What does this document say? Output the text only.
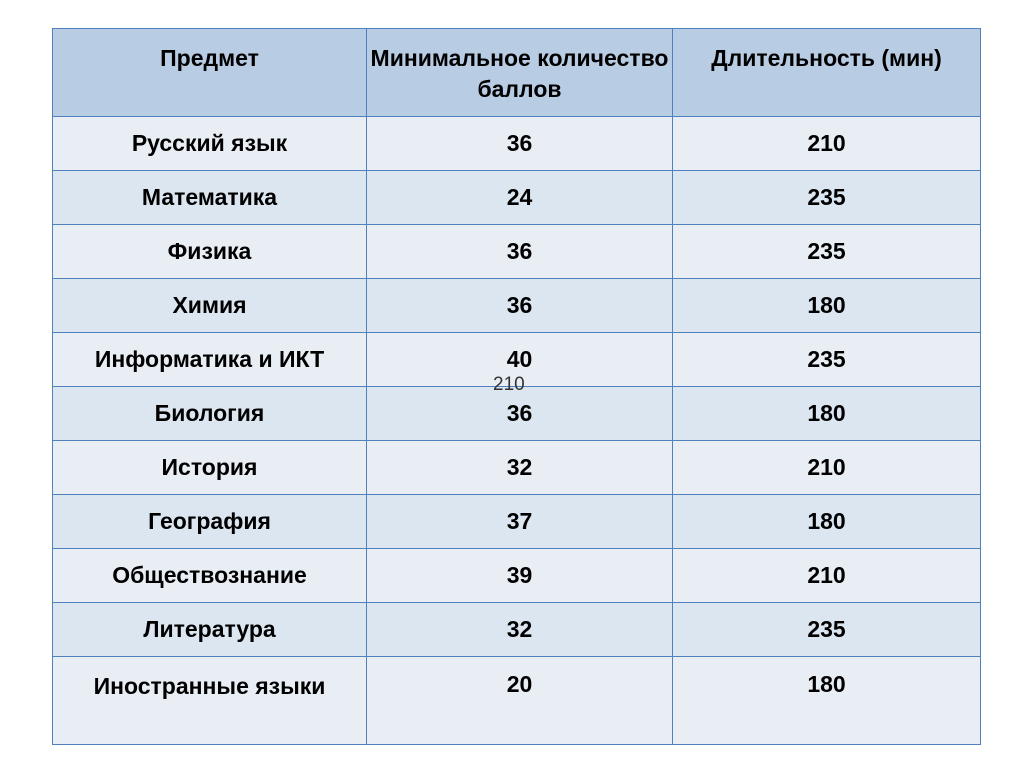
Предмет	Минимальное количество баллов	Длительность (мин)
Русский язык	36	210
Математика	24	235
Физика	36	235
Химия	36	180
Информатика и ИКТ	40	235
Биология	36	180
История	32	210
География	37	180
Обществознание	39	210
Литература	32	235
Иностранные языки	20	180
210
